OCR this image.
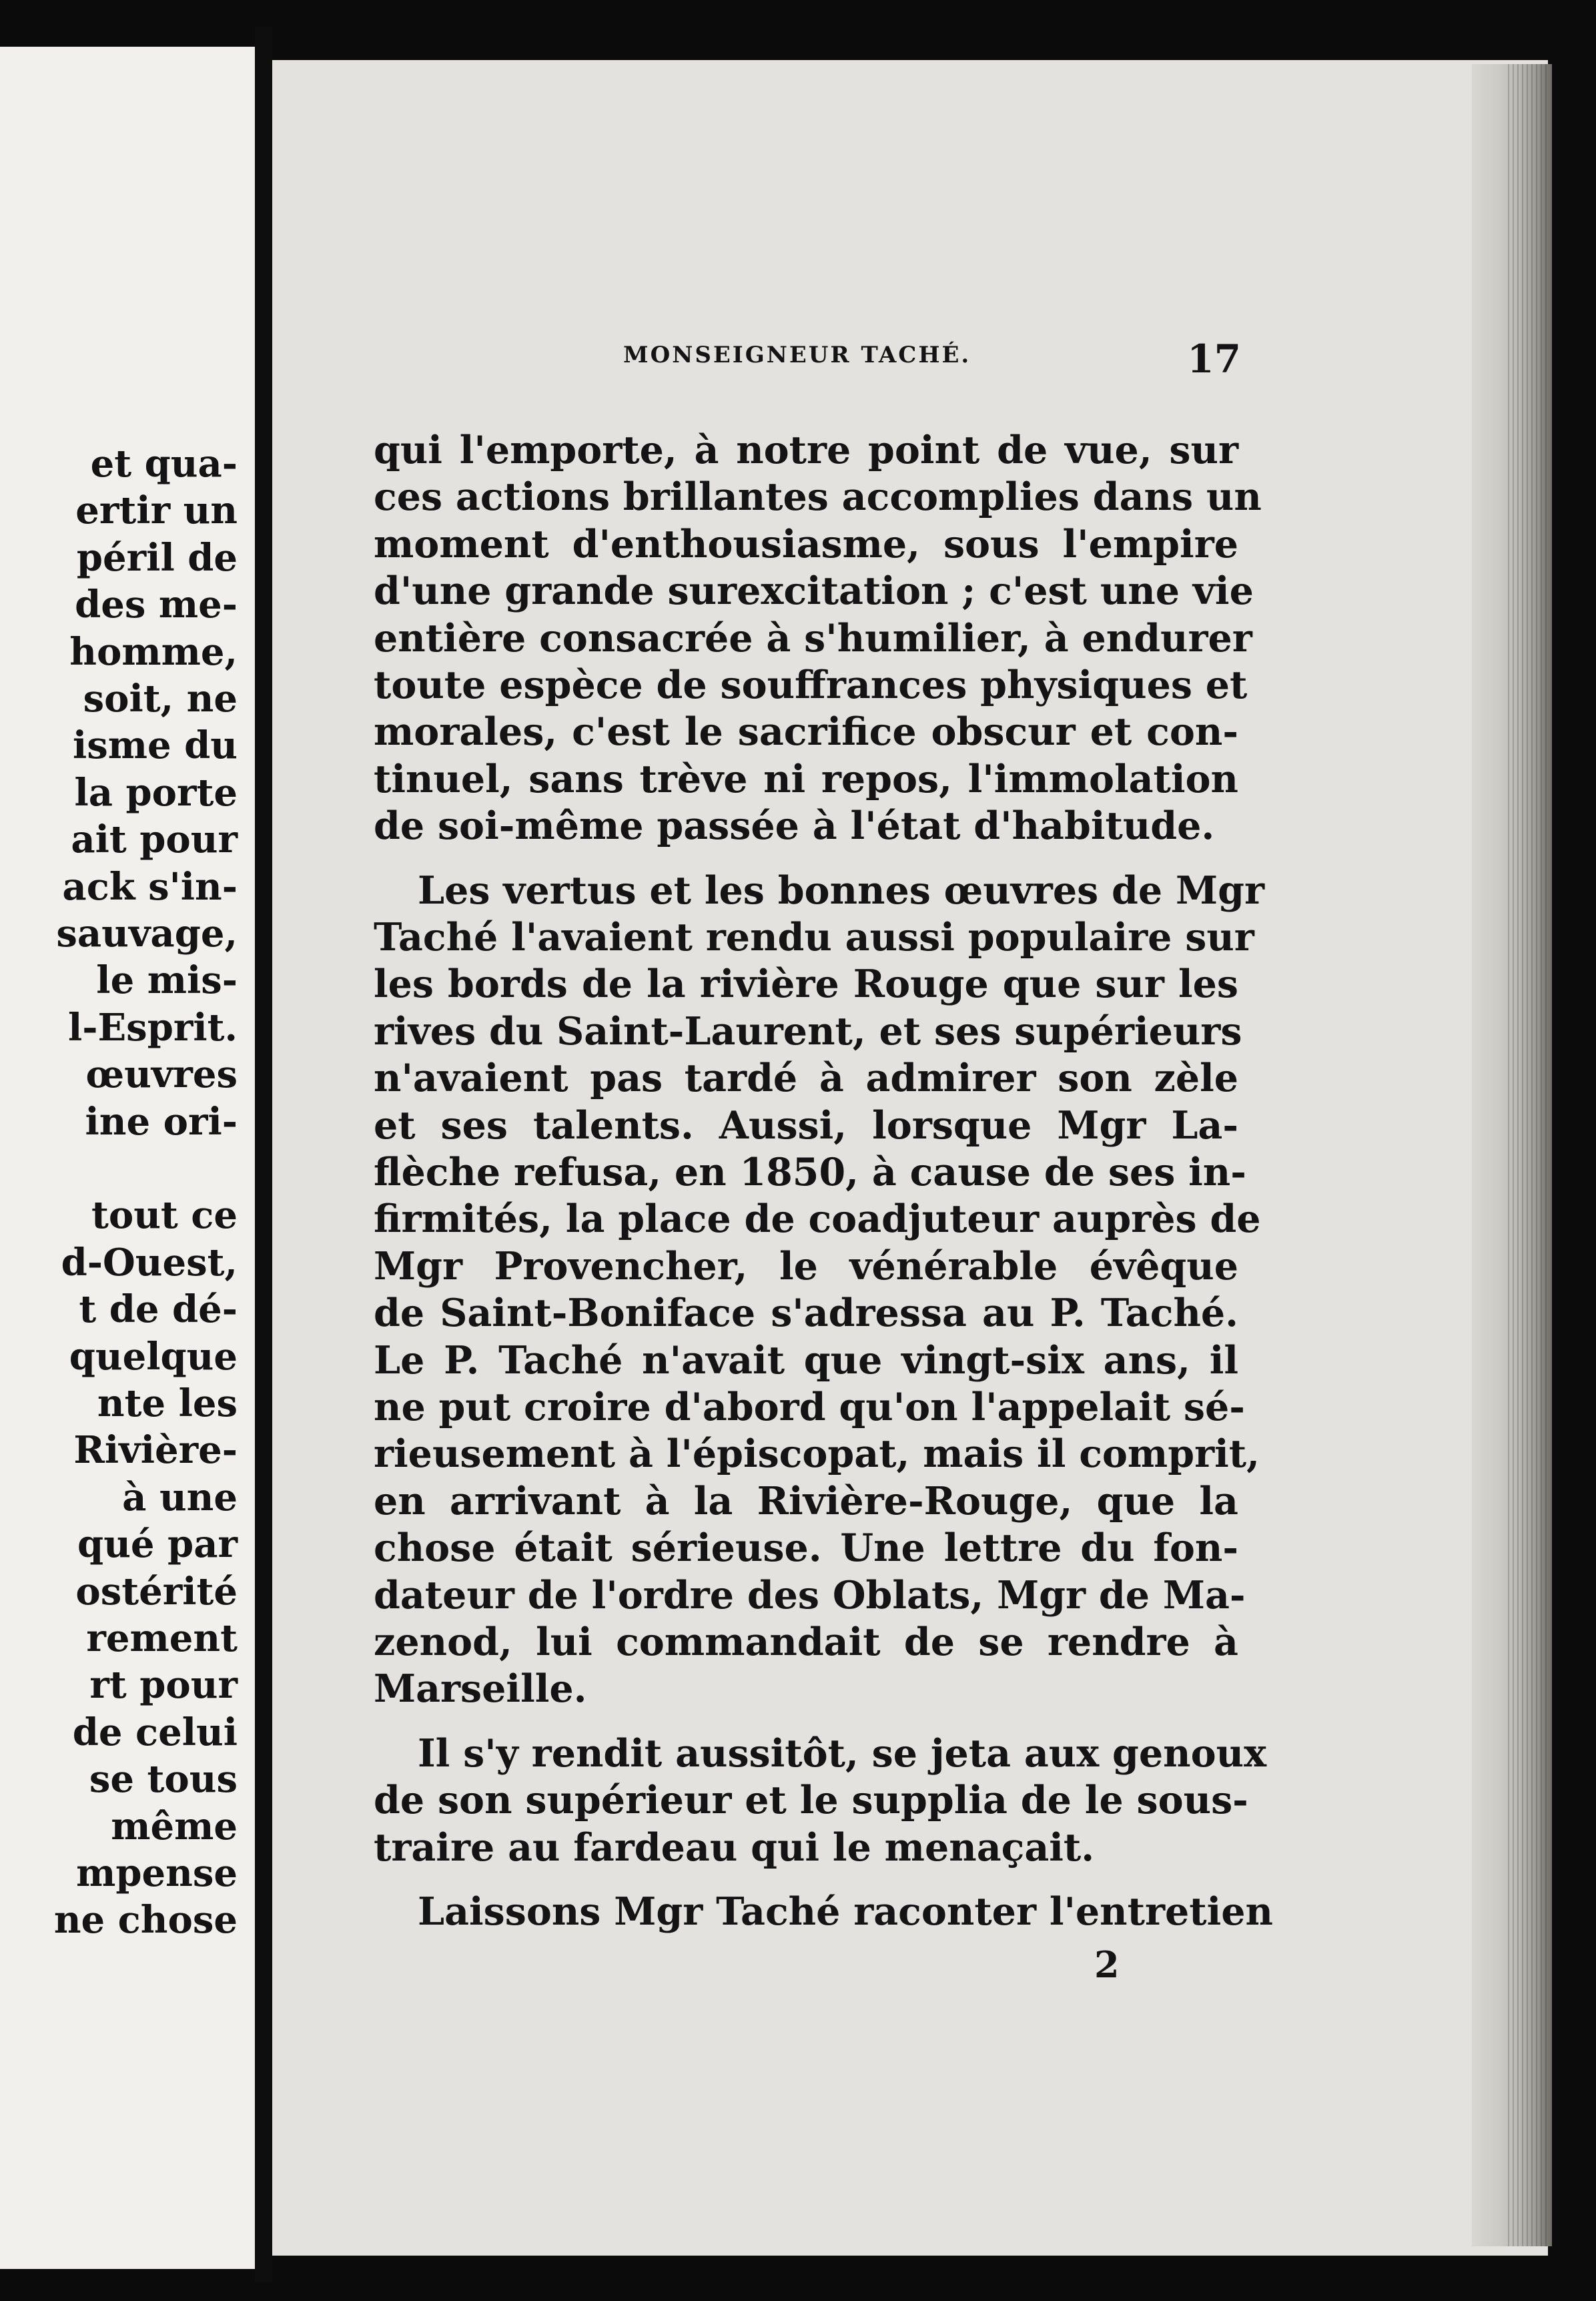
et qua-
ertir un
péril de
des me-
homme,
soit, ne
isme du
la porte
ait pour
ack s'in-
sauvage,
le mis-
l-Esprit.
œuvres
ine ori-
tout ce
d-Ouest,
t de dé-
quelque
nte les
Rivière-
à une
qué par
ostérité
rement
rt pour
de celui
se tous
même
mpense
ne chose
MONSEIGNEUR TACHÉ.	17
qui l'emporte, à notre point de vue, sur
ces actions brillantes accomplies dans un
moment d'enthousiasme, sous l'empire
d'une grande surexcitation ; c'est une vie
entière consacrée à s'humilier, à endurer
toute espèce de souffrances physiques et
morales, c'est le sacrifice obscur et con-
tinuel, sans trève ni repos, l'immolation
de soi-même passée à l'état d'habitude.
Les vertus et les bonnes œuvres de Mgr
Taché l'avaient rendu aussi populaire sur
les bords de la rivière Rouge que sur les
rives du Saint-Laurent, et ses supérieurs
n'avaient pas tardé à admirer son zèle
et ses talents. Aussi, lorsque Mgr La-
flèche refusa, en 1850, à cause de ses in-
firmités, la place de coadjuteur auprès de
Mgr Provencher, le vénérable évêque
de Saint-Boniface s'adressa au P. Taché.
Le P. Taché n'avait que vingt-six ans, il
ne put croire d'abord qu'on l'appelait sé-
rieusement à l'épiscopat, mais il comprit,
en arrivant à la Rivière-Rouge, que la
chose était sérieuse. Une lettre du fon-
dateur de l'ordre des Oblats, Mgr de Ma-
zenod, lui commandait de se rendre à
Marseille.
Il s'y rendit aussitôt, se jeta aux genoux
de son supérieur et le supplia de le sous-
traire au fardeau qui le menaçait.
Laissons Mgr Taché raconter l'entretien
2
